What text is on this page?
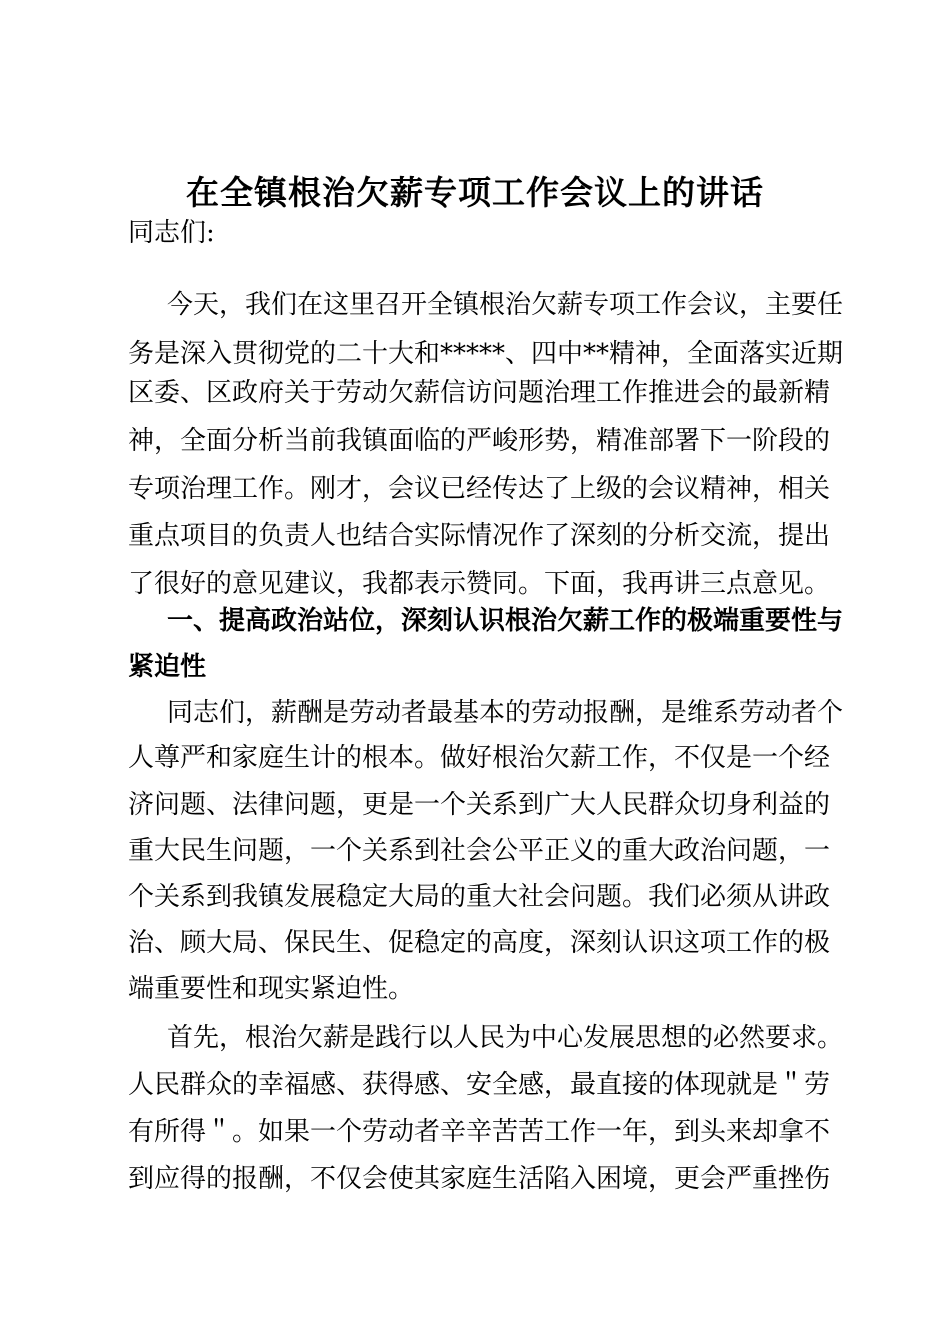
在全镇根治欠薪专项工作会议上的讲话
同志们:
今天，我们在这里召开全镇根治欠薪专项工作会议，主要任
务是深入贯彻党的二十大和*****、四中**精神，全面落实近期
区委、区政府关于劳动欠薪信访问题治理工作推进会的最新精
神，全面分析当前我镇面临的严峻形势，精准部署下一阶段的
专项治理工作。刚才，会议已经传达了上级的会议精神，相关
重点项目的负责人也结合实际情况作了深刻的分析交流，提出
了很好的意见建议，我都表示赞同。下面，我再讲三点意见。
一、提高政治站位，深刻认识根治欠薪工作的极端重要性与
紧迫性
同志们，薪酬是劳动者最基本的劳动报酬，是维系劳动者个
人尊严和家庭生计的根本。做好根治欠薪工作，不仅是一个经
济问题、法律问题，更是一个关系到广大人民群众切身利益的
重大民生问题，一个关系到社会公平正义的重大政治问题，一
个关系到我镇发展稳定大局的重大社会问题。我们必须从讲政
治、顾大局、保民生、促稳定的高度，深刻认识这项工作的极
端重要性和现实紧迫性。
首先，根治欠薪是践行以人民为中心发展思想的必然要求。
人民群众的幸福感、获得感、安全感，最直接的体现就是＂劳
有所得＂。如果一个劳动者辛辛苦苦工作一年，到头来却拿不
到应得的报酬，不仅会使其家庭生活陷入困境，更会严重挫伤
